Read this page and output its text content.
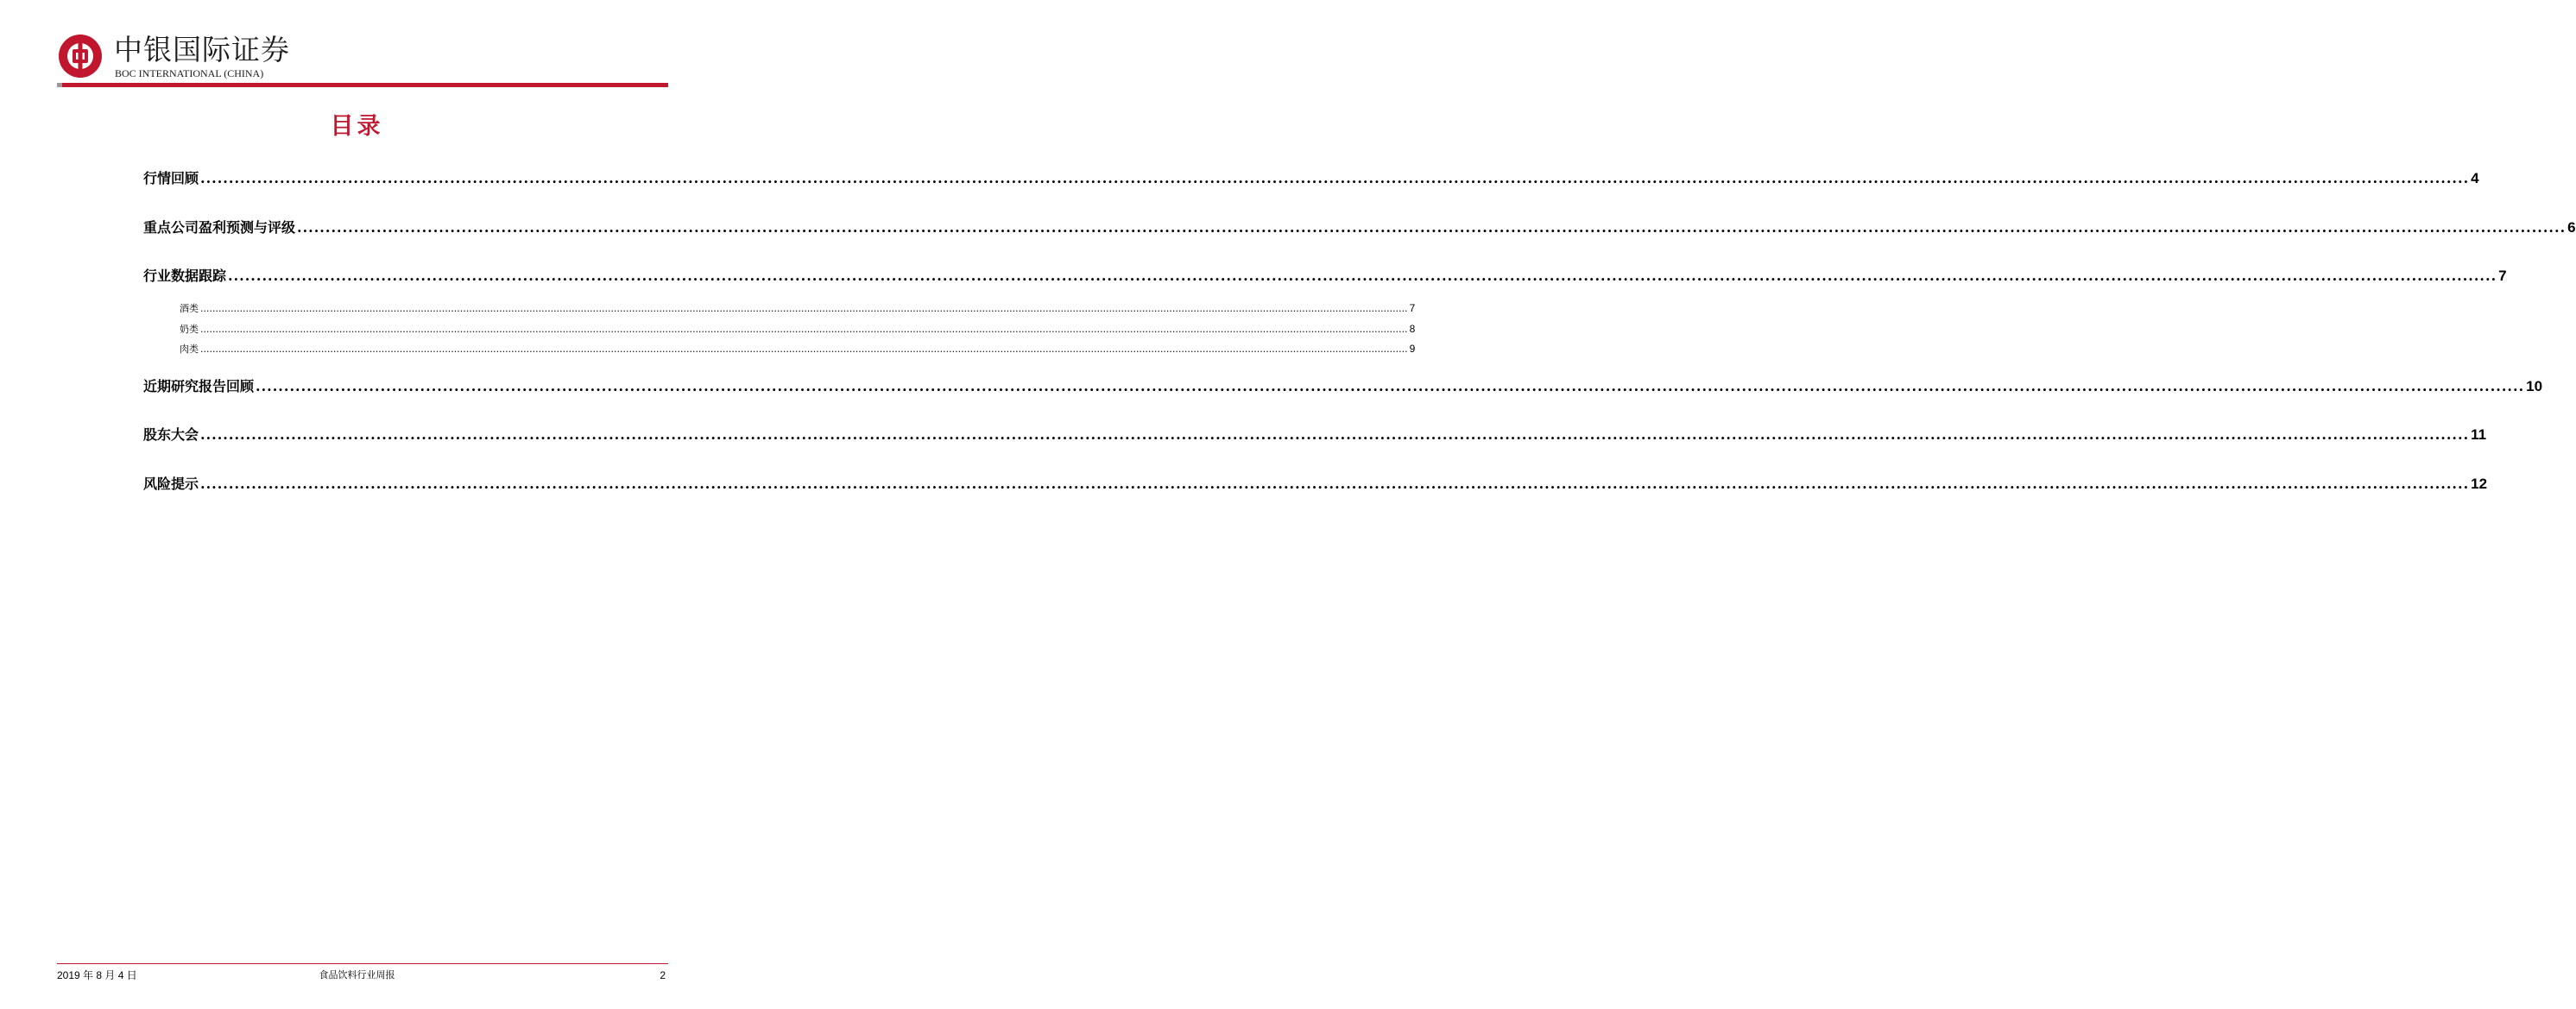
中银国际证券
BOC INTERNATIONAL (CHINA)
目录
行情回顾 ................................................................................................................................................................................................................................................................................................................................................................................................................ 4
重点公司盈利预测与评级 ................................................................................................................................................................................................................................................................................................................................................................................................................ 6
行业数据跟踪 ................................................................................................................................................................................................................................................................................................................................................................................................................ 7
酒类 ................................................................................................................................................................................................................................................................................................................................................................................................................ 7
奶类 ................................................................................................................................................................................................................................................................................................................................................................................................................ 8
肉类 ................................................................................................................................................................................................................................................................................................................................................................................................................ 9
近期研究报告回顾 ................................................................................................................................................................................................................................................................................................................................................................................................................ 10
股东大会 ................................................................................................................................................................................................................................................................................................................................................................................................................ 11
风险提示 ................................................................................................................................................................................................................................................................................................................................................................................................................ 12
2019 年 8 月 4 日	食品饮料行业周报	2
